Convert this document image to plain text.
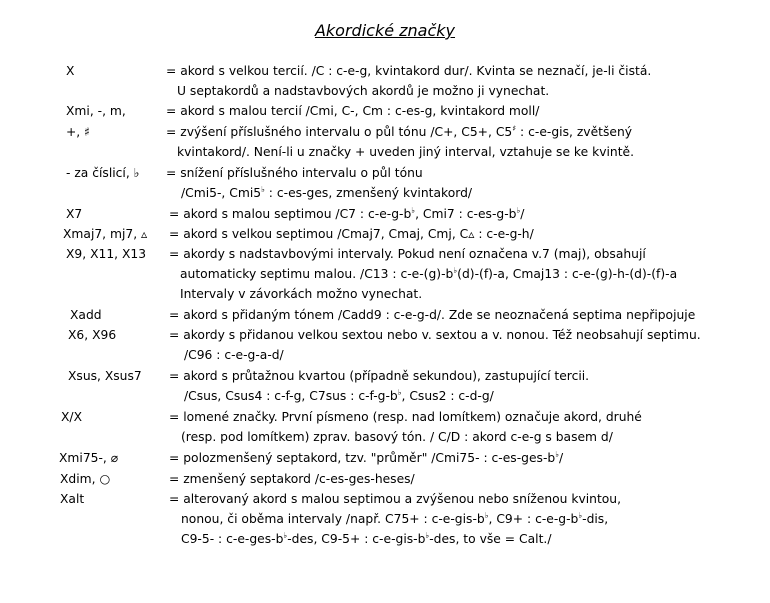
Akordické značky
X	= akord s velkou tercií. /C : c-e-g, kvintakord dur/. Kvinta se neznačí, je-li čistá.
U septakordů a nadstavbových akordů je možno ji vynechat.
Xmi, -, m,	= akord s malou tercií /Cmi, C-, Cm : c-es-g, kvintakord moll/
+, ♯	= zvýšení příslušného intervalu o půl tónu /C+, C5+, C5♯ : c-e-gis, zvětšený
kvintakord/. Není-li u značky + uveden jiný interval, vztahuje se ke kvintě.
- za číslicí, ♭ = snížení příslušného intervalu o půl tónu
/Cmi5-, Cmi5♭ : c-es-ges, zmenšený kvintakord/
X7	= akord s malou septimou /C7 : c-e-g-b♭, Cmi7 : c-es-g-b♭/
Xmaj7, mj7, ▵ = akord s velkou septimou /Cmaj7, Cmaj, Cmj, C▵ : c-e-g-h/
X9, X11, X13 = akordy s nadstavbovými intervaly. Pokud není označena v.7 (maj), obsahují
automaticky septimu malou. /C13 : c-e-(g)-b♭(d)-(f)-a, Cmaj13 : c-e-(g)-h-(d)-(f)-a
Intervaly v závorkách možno vynechat.
Xadd	= akord s přidaným tónem /Cadd9 : c-e-g-d/. Zde se neoznačená septima nepřipojuje
X6, X96	= akordy s přidanou velkou sextou nebo v. sextou a v. nonou. Též neobsahují septimu.
/C96 : c-e-g-a-d/
Xsus, Xsus7 = akord s průtažnou kvartou (případně sekundou), zastupující tercii.
/Csus, Csus4 : c-f-g, C7sus : c-f-g-b♭, Csus2 : c-d-g/
X/X	= lomené značky. První písmeno (resp. nad lomítkem) označuje akord, druhé
(resp. pod lomítkem) zprav. basový tón. / C/D : akord c-e-g s basem d/
Xmi75-, ⌀	= polozmenšený septakord, tzv. "průměr" /Cmi75- : c-es-ges-b♭/
Xdim, ○	= zmenšený septakord /c-es-ges-heses/
Xalt	= alterovaný akord s malou septimou a zvýšenou nebo sníženou kvintou,
nonou, či oběma intervaly /např. C75+ : c-e-gis-b♭, C9+ : c-e-g-b♭-dis,
C9-5- : c-e-ges-b♭-des, C9-5+ : c-e-gis-b♭-des, to vše = Calt./
